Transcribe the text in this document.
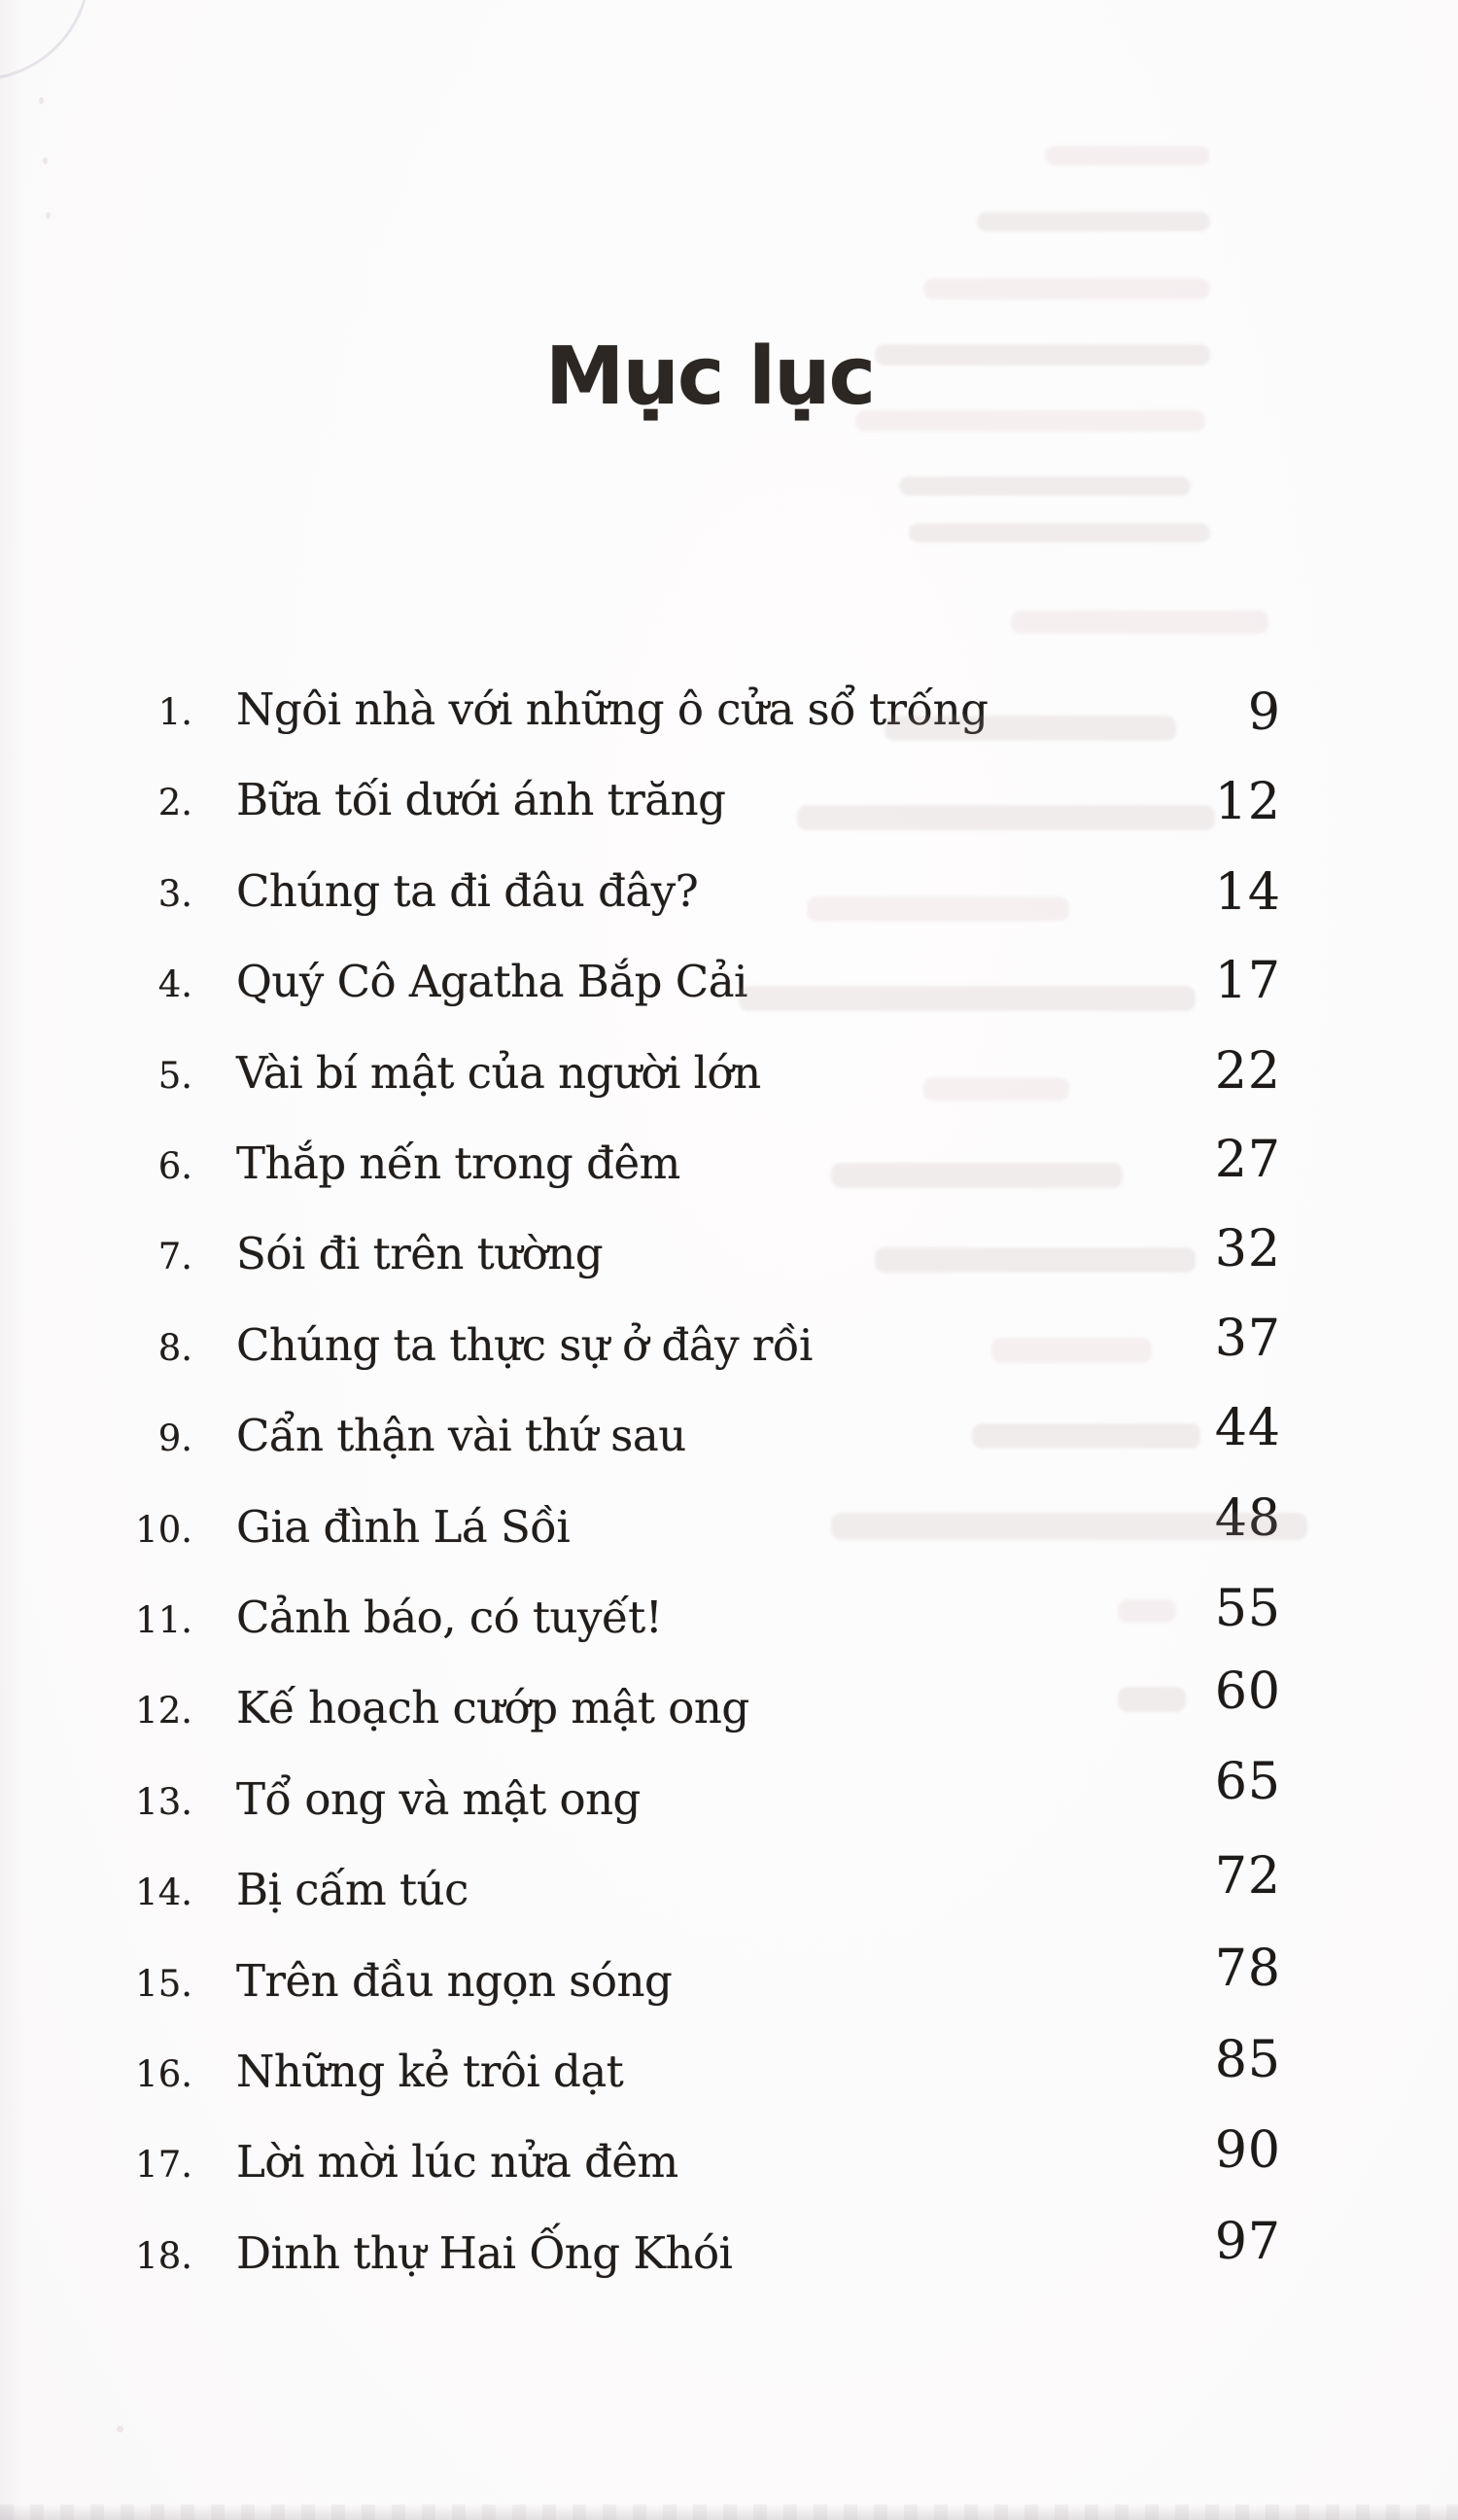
Mục lục
1. Ngôi nhà với những ô cửa sổ trống	9
2. Bữa tối dưới ánh trăng	12
3. Chúng ta đi đâu đây?	14
4. Quý Cô Agatha Bắp Cải	17
5. Vài bí mật của người lớn	22
6. Thắp nến trong đêm	27
7. Sói đi trên tường	32
8. Chúng ta thực sự ở đây rồi	37
9. Cẩn thận vài thứ sau	44
10. Gia đình Lá Sồi	48
11. Cảnh báo, có tuyết!	55
12. Kế hoạch cướp mật ong	60
13. Tổ ong và mật ong	65
14. Bị cấm túc	72
15. Trên đầu ngọn sóng	78
16. Những kẻ trôi dạt	85
17. Lời mời lúc nửa đêm	90
18. Dinh thự Hai Ống Khói	97
